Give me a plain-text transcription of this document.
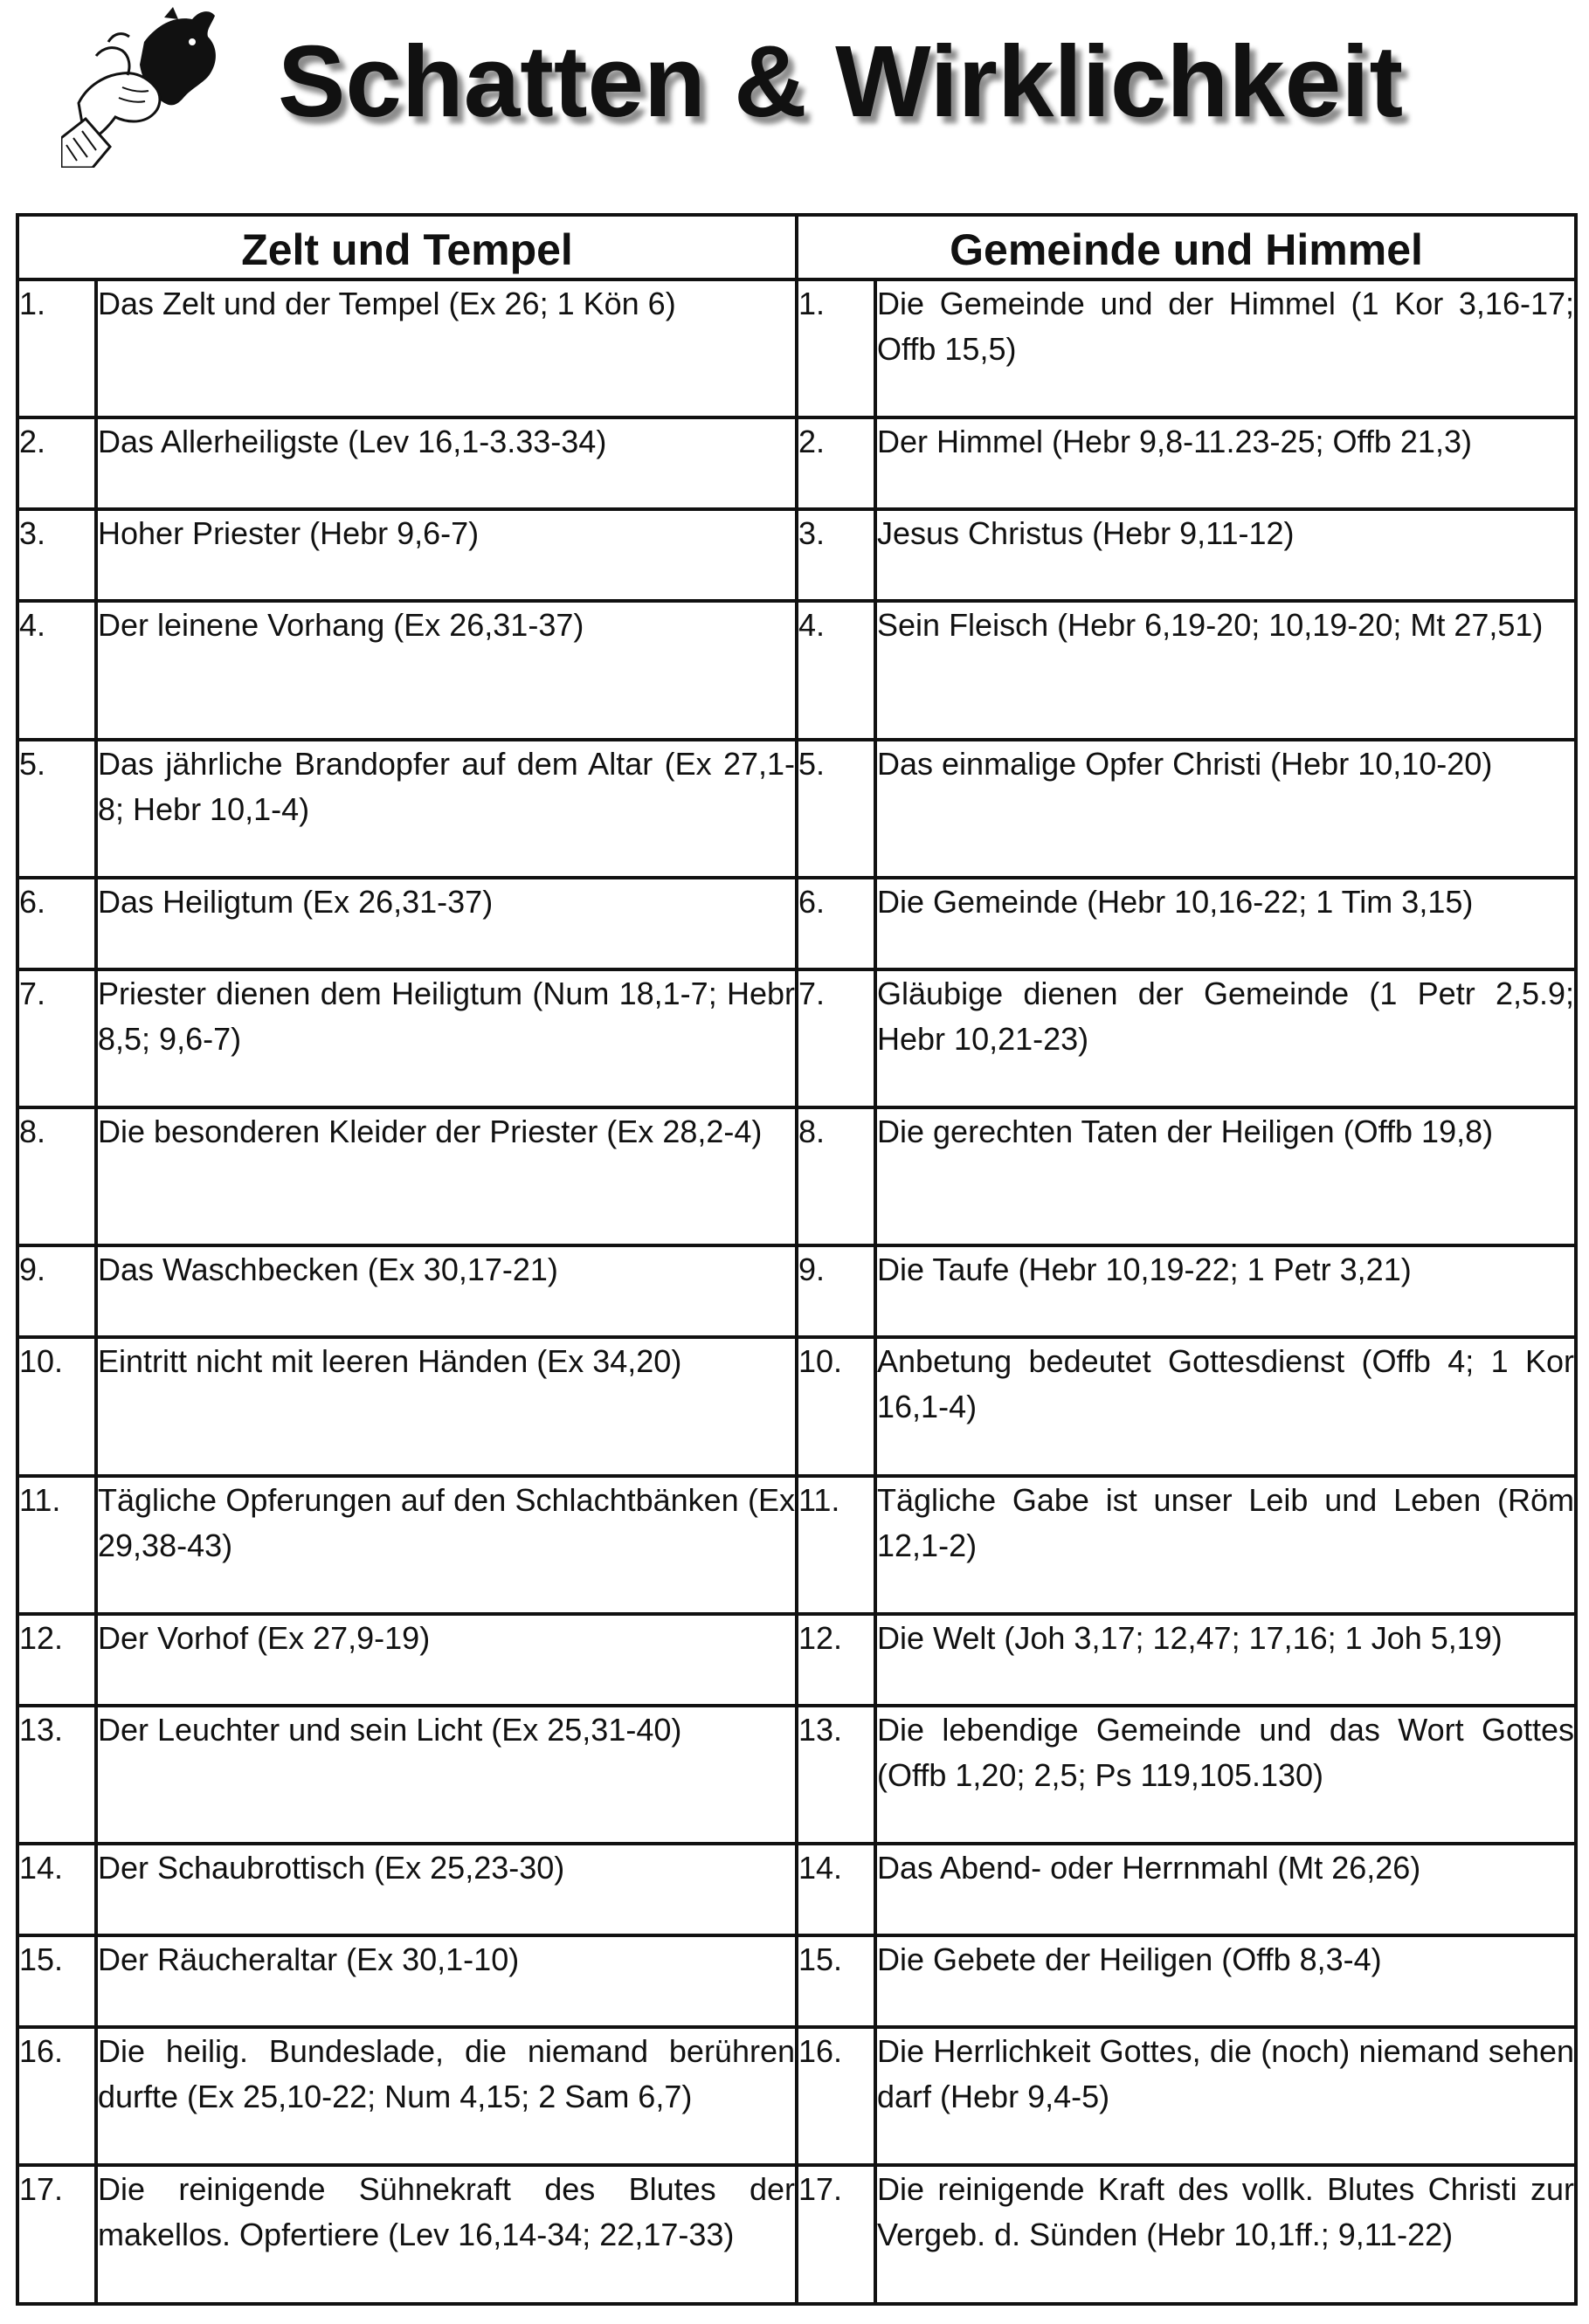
Schatten & Wirklichkeit
Zelt und Tempel		Gemeinde und Himmel	
1.	Das Zelt und der Tempel (Ex 26; 1 Kön 6)	1.	Die Gemeinde und der Himmel (1 Kor 3,16-17; Offb 15,5)
2.	Das Allerheiligste (Lev 16,1-3.33-34)	2.	Der Himmel (Hebr 9,8-11.23-25; Offb 21,3)
3.	Hoher Priester (Hebr 9,6-7)	3.	Jesus Christus (Hebr 9,11-12)
4.	Der leinene Vorhang (Ex 26,31-37)	4.	Sein Fleisch (Hebr 6,19-20; 10,19-20; Mt 27,51)
5.	Das jährliche Brandopfer auf dem Altar (Ex 27,1-8; Hebr 10,1-4)	5.	Das einmalige Opfer Christi (Hebr 10,10-20)
6.	Das Heiligtum (Ex 26,31-37)	6.	Die Gemeinde (Hebr 10,16-22; 1 Tim 3,15)
7.	Priester dienen dem Heiligtum (Num 18,1-7; Hebr 8,5; 9,6-7)	7.	Gläubige dienen der Gemeinde (1 Petr 2,5.9; Hebr 10,21-23)
8.	Die besonderen Kleider der Priester (Ex 28,2-4)	8.	Die gerechten Taten der Heiligen (Offb 19,8)
9.	Das Waschbecken (Ex 30,17-21)	9.	Die Taufe (Hebr 10,19-22; 1 Petr 3,21)
10.	Eintritt nicht mit leeren Händen (Ex 34,20)	10.	Anbetung bedeutet Gottesdienst (Offb 4; 1 Kor 16,1-4)
11.	Tägliche Opferungen auf den Schlachtbänken (Ex 29,38-43)	11.	Tägliche Gabe ist unser Leib und Leben (Röm 12,1-2)
12.	Der Vorhof (Ex 27,9-19)	12.	Die Welt (Joh 3,17; 12,47; 17,16; 1 Joh 5,19)
13.	Der Leuchter und sein Licht (Ex 25,31-40)	13.	Die lebendige Gemeinde und das Wort Gottes (Offb 1,20; 2,5; Ps 119,105.130)
14.	Der Schaubrottisch (Ex 25,23-30)	14.	Das Abend- oder Herrnmahl (Mt 26,26)
15.	Der Räucheraltar (Ex 30,1-10)	15.	Die Gebete der Heiligen (Offb 8,3-4)
16.	Die heilig. Bundeslade, die niemand berühren durfte (Ex 25,10-22; Num 4,15; 2 Sam 6,7)	16.	Die Herrlichkeit Gottes, die (noch) niemand sehen darf (Hebr 9,4-5)
17.	Die reinigende Sühnekraft des Blutes der makellos. Opfertiere (Lev 16,14-34; 22,17-33)	17.	Die reinigende Kraft des vollk. Blutes Christi zur Vergeb. d. Sünden (Hebr 10,1ff.; 9,11-22)
